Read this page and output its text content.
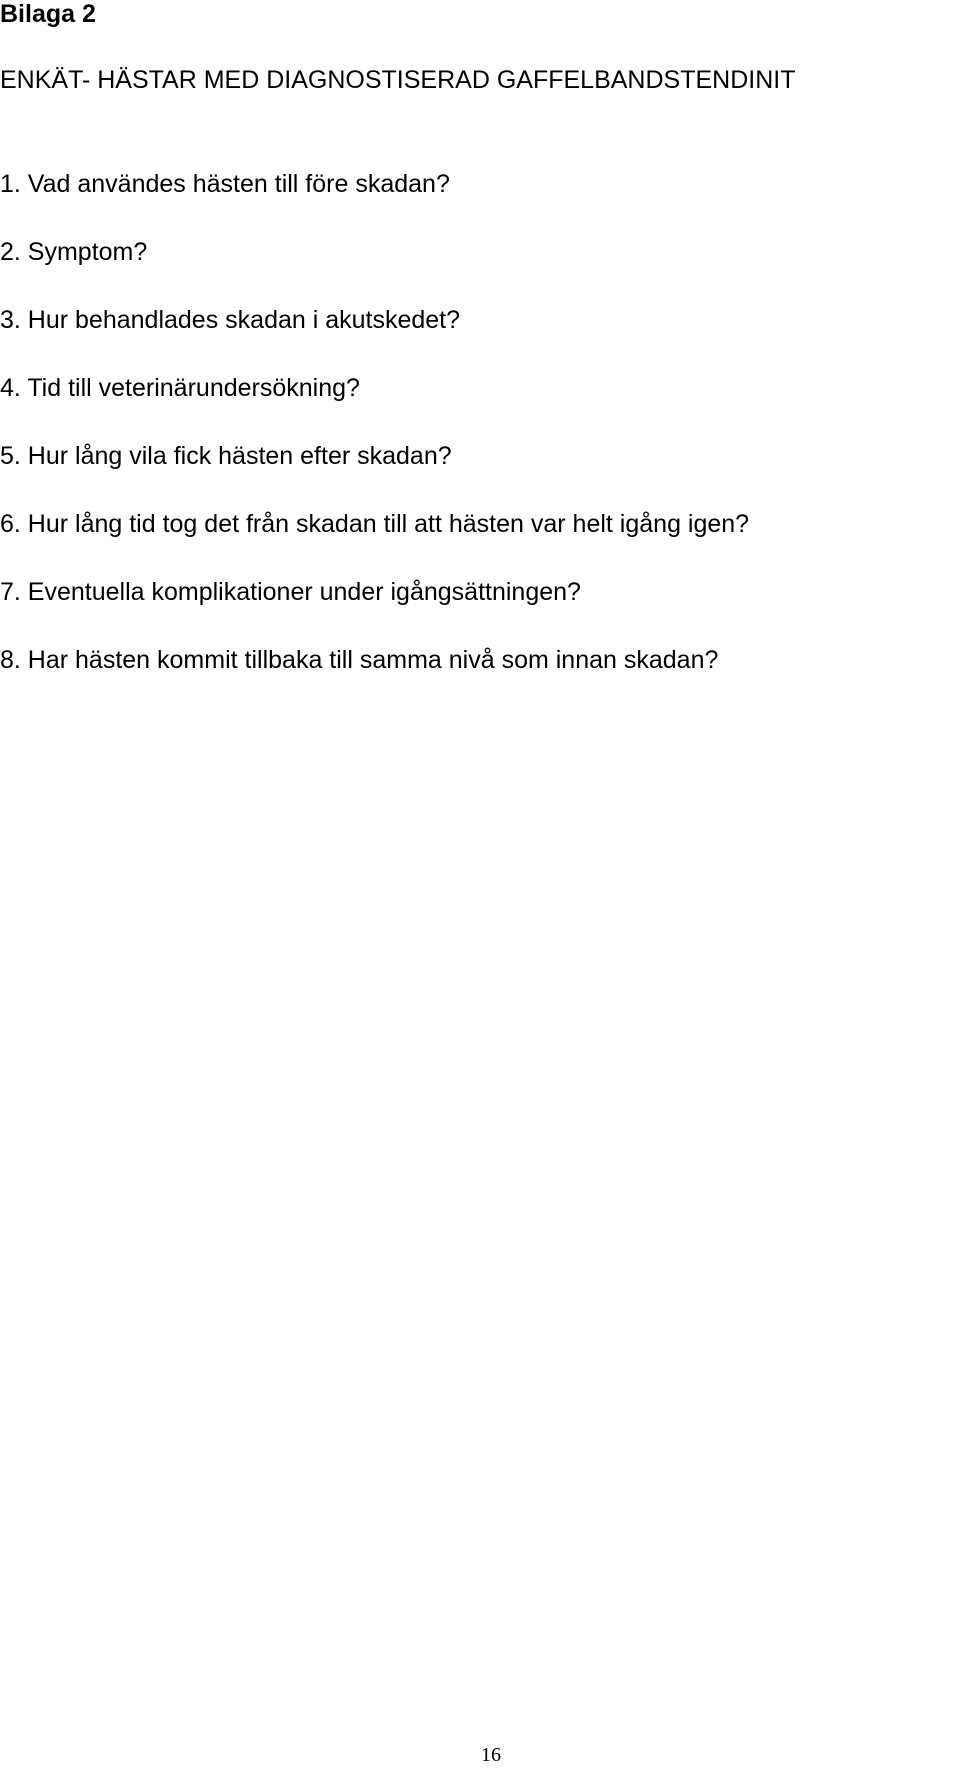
Bilaga 2
ENKÄT- HÄSTAR MED DIAGNOSTISERAD GAFFELBANDSTENDINIT
1. Vad användes hästen till före skadan?
2. Symptom?
3. Hur behandlades skadan i akutskedet?
4. Tid till veterinärundersökning?
5. Hur lång vila fick hästen efter skadan?
6. Hur lång tid tog det från skadan till att hästen var helt igång igen?
7. Eventuella komplikationer under igångsättningen?
8. Har hästen kommit tillbaka till samma nivå som innan skadan?
16
